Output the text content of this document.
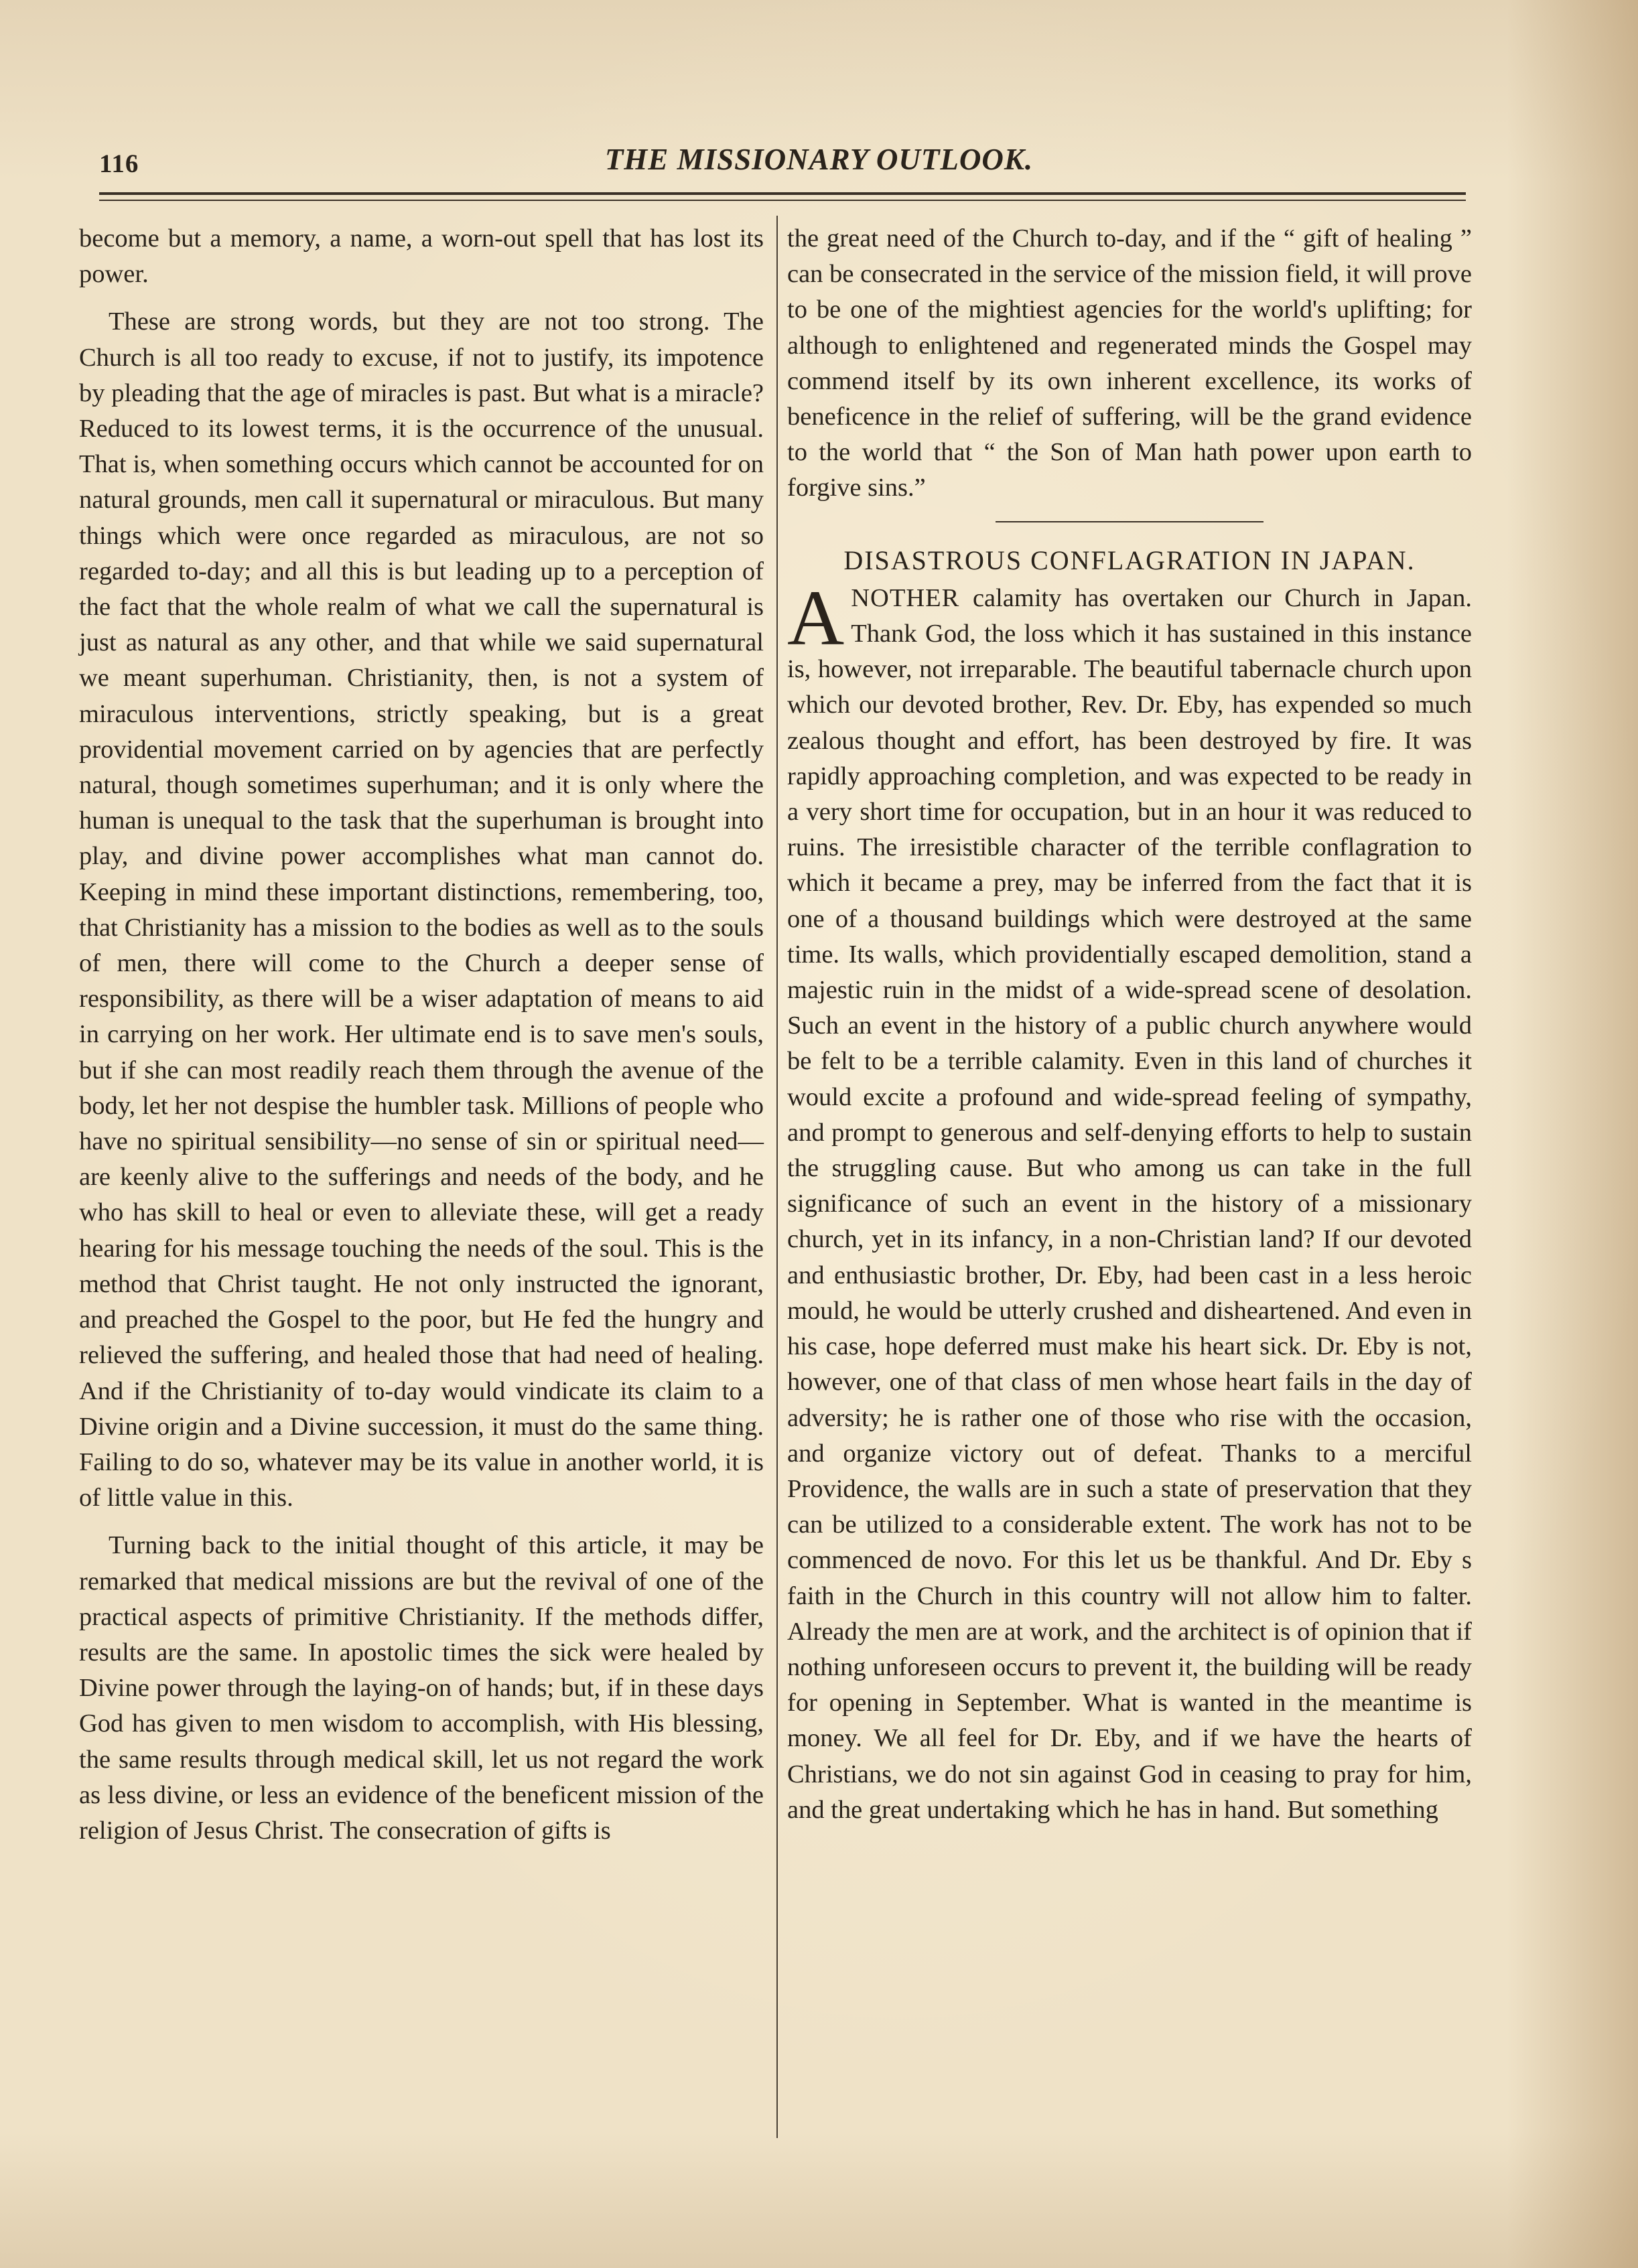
116	THE MISSIONARY OUTLOOK.

become but a memory, a name, a worn-out spell that has lost its power.

These are strong words, but they are not too strong. The Church is all too ready to excuse, if not to justify, its impotence by pleading that the age of miracles is past. But what is a miracle? Reduced to its lowest terms, it is the occurrence of the unusual. That is, when something occurs which cannot be accounted for on natural grounds, men call it supernatural or miraculous. But many things which were once regarded as miraculous, are not so regarded to-day; and all this is but leading up to a perception of the fact that the whole realm of what we call the supernatural is just as natural as any other, and that while we said supernatural we meant superhuman. Christianity, then, is not a system of miraculous interventions, strictly speaking, but is a great providential movement carried on by agencies that are perfectly natural, though sometimes superhuman; and it is only where the human is unequal to the task that the superhuman is brought into play, and divine power accomplishes what man cannot do. Keeping in mind these important distinctions, remembering, too, that Christianity has a mission to the bodies as well as to the souls of men, there will come to the Church a deeper sense of responsibility, as there will be a wiser adaptation of means to aid in carrying on her work. Her ultimate end is to save men's souls, but if she can most readily reach them through the avenue of the body, let her not despise the humbler task. Millions of people who have no spiritual sensibility—no sense of sin or spiritual need—are keenly alive to the sufferings and needs of the body, and he who has skill to heal or even to alleviate these, will get a ready hearing for his message touching the needs of the soul. This is the method that Christ taught. He not only instructed the ignorant, and preached the Gospel to the poor, but He fed the hungry and relieved the suffering, and healed those that had need of healing. And if the Christianity of to-day would vindicate its claim to a Divine origin and a Divine succession, it must do the same thing. Failing to do so, whatever may be its value in another world, it is of little value in this.

Turning back to the initial thought of this article, it may be remarked that medical missions are but the revival of one of the practical aspects of primitive Christianity. If the methods differ, results are the same. In apostolic times the sick were healed by Divine power through the laying-on of hands; but, if in these days God has given to men wisdom to accomplish, with His blessing, the same results through medical skill, let us not regard the work as less divine, or less an evidence of the beneficent mission of the religion of Jesus Christ. The consecration of gifts is

the great need of the Church to-day, and if the “ gift of healing ” can be consecrated in the service of the mission field, it will prove to be one of the mightiest agencies for the world's uplifting; for although to enlightened and regenerated minds the Gospel may commend itself by its own inherent excellence, its works of beneficence in the relief of suffering, will be the grand evidence to the world that “ the Son of Man hath power upon earth to forgive sins.”

DISASTROUS CONFLAGRATION IN JAPAN.

ANOTHER calamity has overtaken our Church in Japan. Thank God, the loss which it has sustained in this instance is, however, not irreparable. The beautiful tabernacle church upon which our devoted brother, Rev. Dr. Eby, has expended so much zealous thought and effort, has been destroyed by fire. It was rapidly approaching completion, and was expected to be ready in a very short time for occupation, but in an hour it was reduced to ruins. The irresistible character of the terrible conflagration to which it became a prey, may be inferred from the fact that it is one of a thousand buildings which were destroyed at the same time. Its walls, which providentially escaped demolition, stand a majestic ruin in the midst of a wide-spread scene of desolation. Such an event in the history of a public church anywhere would be felt to be a terrible calamity. Even in this land of churches it would excite a profound and wide-spread feeling of sympathy, and prompt to generous and self-denying efforts to help to sustain the struggling cause. But who among us can take in the full significance of such an event in the history of a missionary church, yet in its infancy, in a non-Christian land? If our devoted and enthusiastic brother, Dr. Eby, had been cast in a less heroic mould, he would be utterly crushed and disheartened. And even in his case, hope deferred must make his heart sick. Dr. Eby is not, however, one of that class of men whose heart fails in the day of adversity; he is rather one of those who rise with the occasion, and organize victory out of defeat. Thanks to a merciful Providence, the walls are in such a state of preservation that they can be utilized to a considerable extent. The work has not to be commenced de novo. For this let us be thankful. And Dr. Eby s faith in the Church in this country will not allow him to falter. Already the men are at work, and the architect is of opinion that if nothing unforeseen occurs to prevent it, the building will be ready for opening in September. What is wanted in the meantime is money. We all feel for Dr. Eby, and if we have the hearts of Christians, we do not sin against God in ceasing to pray for him, and the great undertaking which he has in hand. But something
